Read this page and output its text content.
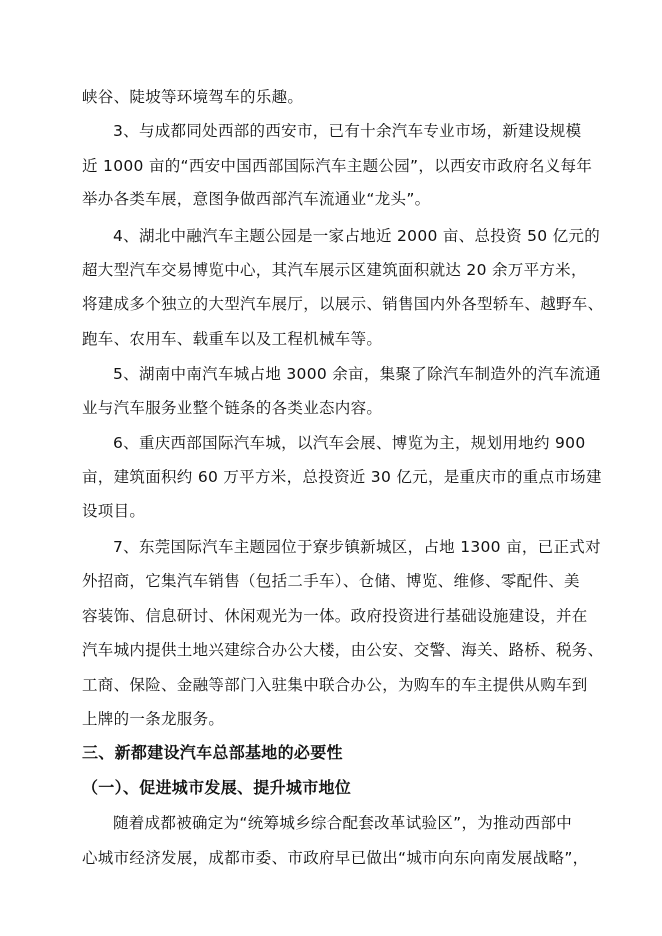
峡谷、陡坡等环境驾车的乐趣。
3、与成都同处西部的西安市，已有十余汽车专业市场，新建设规模
近 1000 亩的“西安中国西部国际汽车主题公园”，以西安市政府名义每年
举办各类车展，意图争做西部汽车流通业“龙头”。
4、湖北中融汽车主题公园是一家占地近 2000 亩、总投资 50 亿元的
超大型汽车交易博览中心，其汽车展示区建筑面积就达 20 余万平方米，
将建成多个独立的大型汽车展厅，以展示、销售国内外各型轿车、越野车、
跑车、农用车、载重车以及工程机械车等。
5、湖南中南汽车城占地 3000 余亩，集聚了除汽车制造外的汽车流通
业与汽车服务业整个链条的各类业态内容。
6、重庆西部国际汽车城，以汽车会展、博览为主，规划用地约 900
亩，建筑面积约 60 万平方米，总投资近 30 亿元，是重庆市的重点市场建
设项目。
7、东莞国际汽车主题园位于寮步镇新城区，占地 1300 亩，已正式对
外招商，它集汽车销售（包括二手车）、仓储、博览、维修、零配件、美
容装饰、信息研讨、休闲观光为一体。政府投资进行基础设施建设，并在
汽车城内提供土地兴建综合办公大楼，由公安、交警、海关、路桥、税务、
工商、保险、金融等部门入驻集中联合办公，为购车的车主提供从购车到
上牌的一条龙服务。
三、新都建设汽车总部基地的必要性
（一）、促进城市发展、提升城市地位
随着成都被确定为“统筹城乡综合配套改革试验区”，为推动西部中
心城市经济发展，成都市委、市政府早已做出“城市向东向南发展战略”，
